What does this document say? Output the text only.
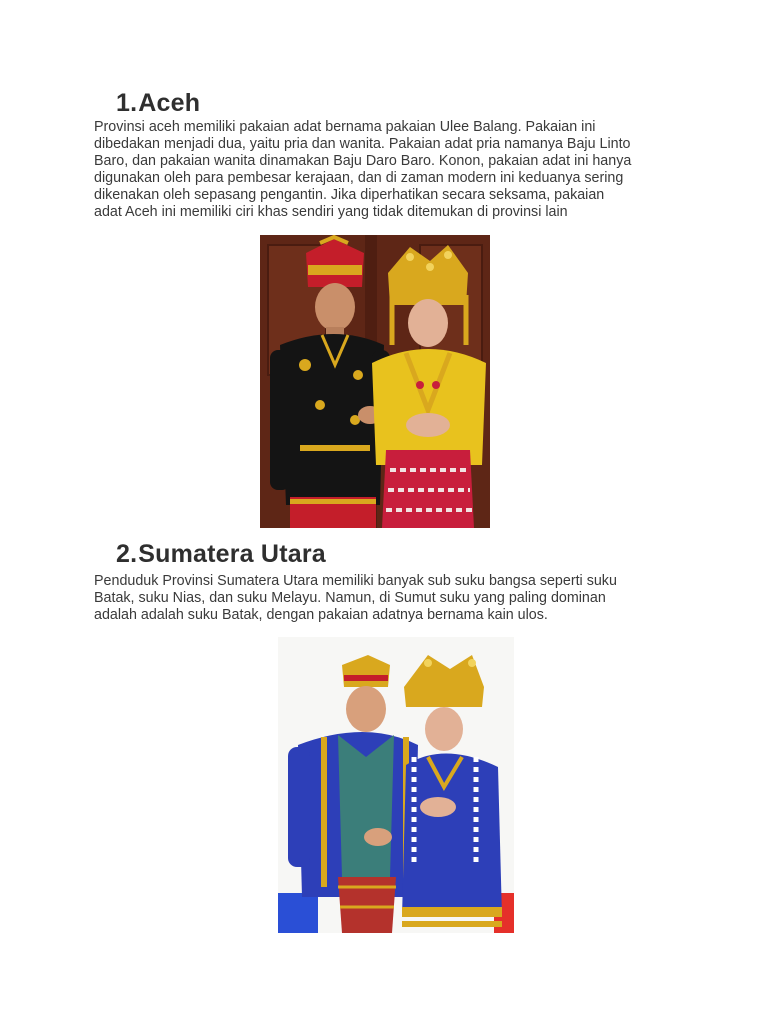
1.Aceh

Provinsi aceh memiliki pakaian adat bernama pakaian Ulee Balang. Pakaian ini
dibedakan menjadi dua, yaitu pria dan wanita. Pakaian adat pria namanya Baju Linto
Baro, dan pakaian wanita dinamakan Baju Daro Baro. Konon, pakaian adat ini hanya
digunakan oleh para pembesar kerajaan, dan di zaman modern ini keduanya sering
dikenakan oleh sepasang pengantin. Jika diperhatikan secara seksama, pakaian
adat Aceh ini memiliki ciri khas sendiri yang tidak ditemukan di provinsi lain

2.Sumatera Utara

Penduduk Provinsi Sumatera Utara memiliki banyak sub suku bangsa seperti suku
Batak, suku Nias, dan suku Melayu. Namun, di Sumut suku yang paling dominan
adalah adalah suku Batak, dengan pakaian adatnya bernama kain ulos.
